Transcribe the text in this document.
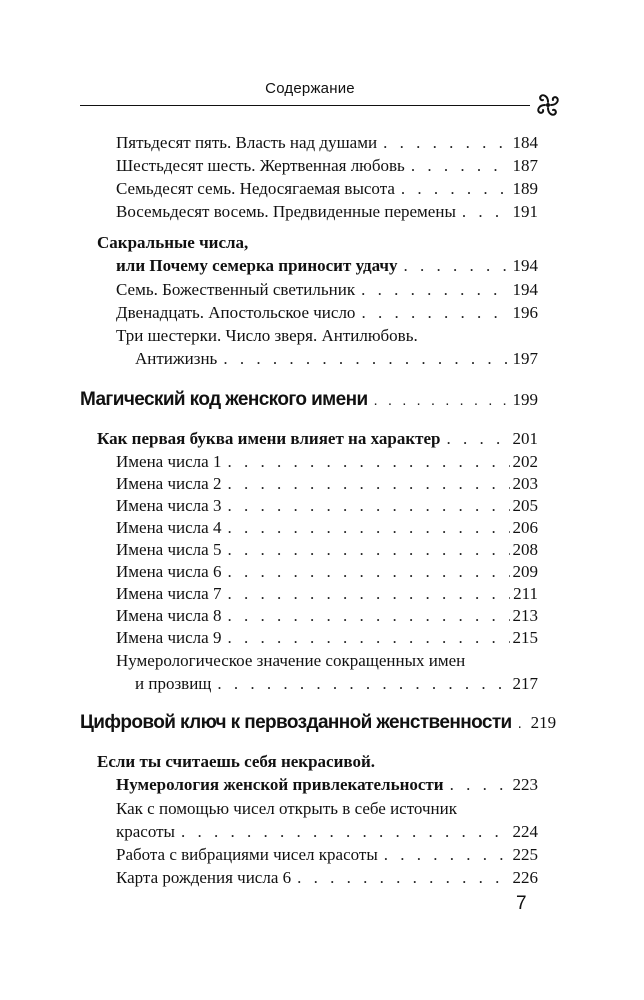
Содержание
Пятьдесят пять. Власть над душами . . .	184
Шестьдесят шесть. Жертвенная любовь . . .	187
Семьдесят семь. Недосягаемая высота . . .	189
Восемьдесят восемь. Предвиденные перемены . . .	191
Сакральные числа,
или Почему семерка приносит удачу . . .	194
Семь. Божественный светильник . . .	194
Двенадцать. Апостольское число . . .	196
Три шестерки. Число зверя. Антилюбовь.
Антижизнь . . .	197
Магический код женского имени . . .	199
Как первая буква имени влияет на характер . . .	201
Имена числа 1 . . .	202
Имена числа 2 . . .	203
Имена числа 3 . . .	205
Имена числа 4 . . .	206
Имена числа 5 . . .	208
Имена числа 6 . . .	209
Имена числа 7 . . .	211
Имена числа 8 . . .	213
Имена числа 9 . . .	215
Нумерологическое значение сокращенных имен
и прозвищ . . .	217
Цифровой ключ к первозданной женственности . . . 219
Если ты считаешь себя некрасивой.
Нумерология женской привлекательности . . .	223
Как с помощью чисел открыть в себе источник
красоты . . .	224
Работа с вибрациями чисел красоты . . .	225
Карта рождения числа 6 . . .	226
7
